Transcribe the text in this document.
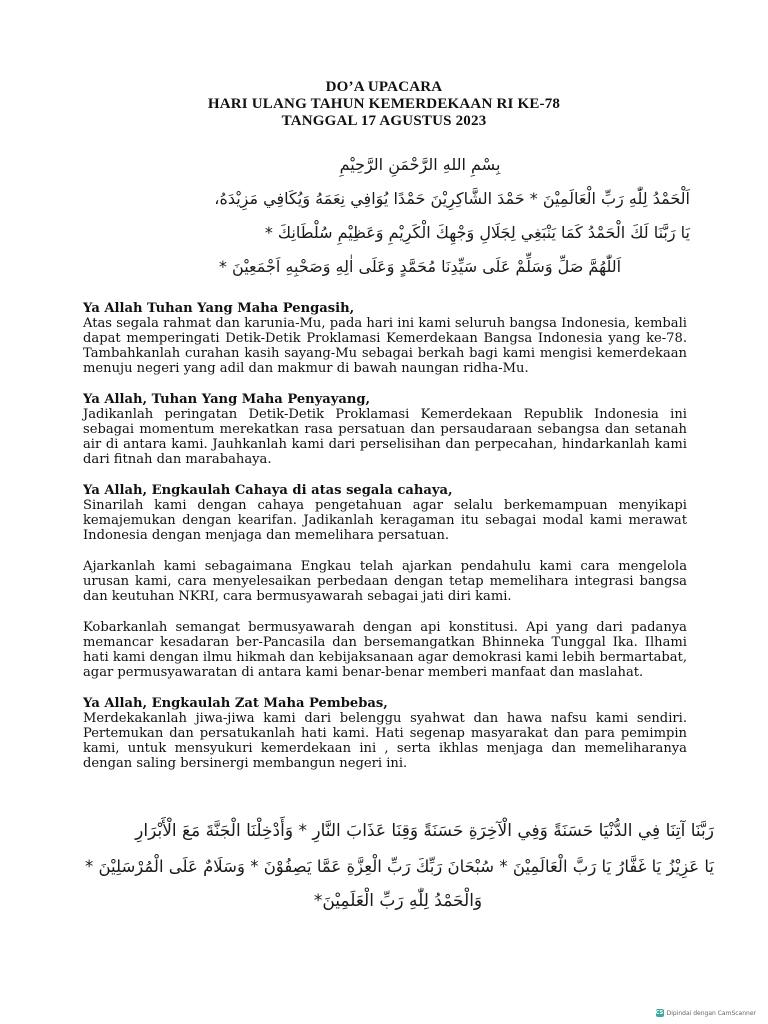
DO’A UPACARA
HARI ULANG TAHUN KEMERDEKAAN RI KE-78
TANGGAL 17 AGUSTUS 2023
بِسْمِ اللهِ الرَّحْمَنِ الرَّحِيْمِ
اَلْحَمْدُ لِلّٰهِ رَبِّ الْعَالَمِيْنَ * حَمْدَ الشَّاكِرِيْنَ حَمْدًا يُوَافِي نِعَمَهُ وَيُكَافِي مَزِيْدَهُ،
يَا رَبَّنَا لَكَ الْحَمْدُ كَمَا يَنْبَغِي لِجَلَالِ وَجْهِكَ الْكَرِيْمِ وَعَظِيْمِ سُلْطَانِكَ *
اَللّٰهُمَّ صَلِّ وَسَلِّمْ عَلَى سَيِّدِنَا مُحَمَّدٍ وَعَلَى اٰلِهِ وَصَحْبِهِ اَجْمَعِيْنَ *
Ya Allah Tuhan Yang Maha Pengasih,
Atas segala rahmat dan karunia-Mu, pada hari ini kami seluruh bangsa Indonesia, kembali dapat memperingati Detik-Detik Proklamasi Kemerdekaan Bangsa Indonesia yang ke-78. Tambahkanlah curahan kasih sayang-Mu sebagai berkah bagi kami mengisi kemerdekaan menuju negeri yang adil dan makmur di bawah naungan ridha-Mu.
Ya Allah, Tuhan Yang Maha Penyayang,
Jadikanlah peringatan Detik-Detik Proklamasi Kemerdekaan Republik Indonesia ini sebagai momentum merekatkan rasa persatuan dan persaudaraan sebangsa dan setanah air di antara kami. Jauhkanlah kami dari perselisihan dan perpecahan, hindarkanlah kami dari fitnah dan marabahaya.
Ya Allah, Engkaulah Cahaya di atas segala cahaya,
Sinarilah kami dengan cahaya pengetahuan agar selalu berkemampuan menyikapi kemajemukan dengan kearifan. Jadikanlah keragaman itu sebagai modal kami merawat Indonesia dengan menjaga dan memelihara persatuan.
Ajarkanlah kami sebagaimana Engkau telah ajarkan pendahulu kami cara mengelola urusan kami, cara menyelesaikan perbedaan dengan tetap memelihara integrasi bangsa dan keutuhan NKRI, cara bermusyawarah sebagai jati diri kami.
Kobarkanlah semangat bermusyawarah dengan api konstitusi. Api yang dari padanya memancar kesadaran ber-Pancasila dan bersemangatkan Bhinneka Tunggal Ika. Ilhami hati kami dengan ilmu hikmah dan kebijaksanaan agar demokrasi kami lebih bermartabat, agar permusyawaratan di antara kami benar-benar memberi manfaat dan maslahat.
Ya Allah, Engkaulah Zat Maha Pembebas,
Merdekakanlah jiwa-jiwa kami dari belenggu syahwat dan hawa nafsu kami sendiri. Pertemukan dan persatukanlah hati kami. Hati segenap masyarakat dan para pemimpin kami, untuk mensyukuri kemerdekaan ini , serta ikhlas menjaga dan memeliharanya dengan saling bersinergi membangun negeri ini.
رَبَّنَا آتِنَا فِي الدُّنْيَا حَسَنَةً وَفِي الْآخِرَةِ حَسَنَةً وَقِنَا عَذَابَ النَّارِ * وَأَدْخِلْنَا الْجَنَّةَ مَعَ الْأَبْرَارِ
يَا عَزِيْزُ يَا غَفَّارُ يَا رَبَّ الْعَالَمِيْنَ * سُبْحَانَ رَبِّكَ رَبِّ الْعِزَّةِ عَمَّا يَصِفُوْنَ * وَسَلَامٌ عَلَى الْمُرْسَلِيْنَ *
وَالْحَمْدُ لِلّٰهِ رَبِّ الْعَلَمِيْنَ*
CS Dipindai dengan CamScanner
